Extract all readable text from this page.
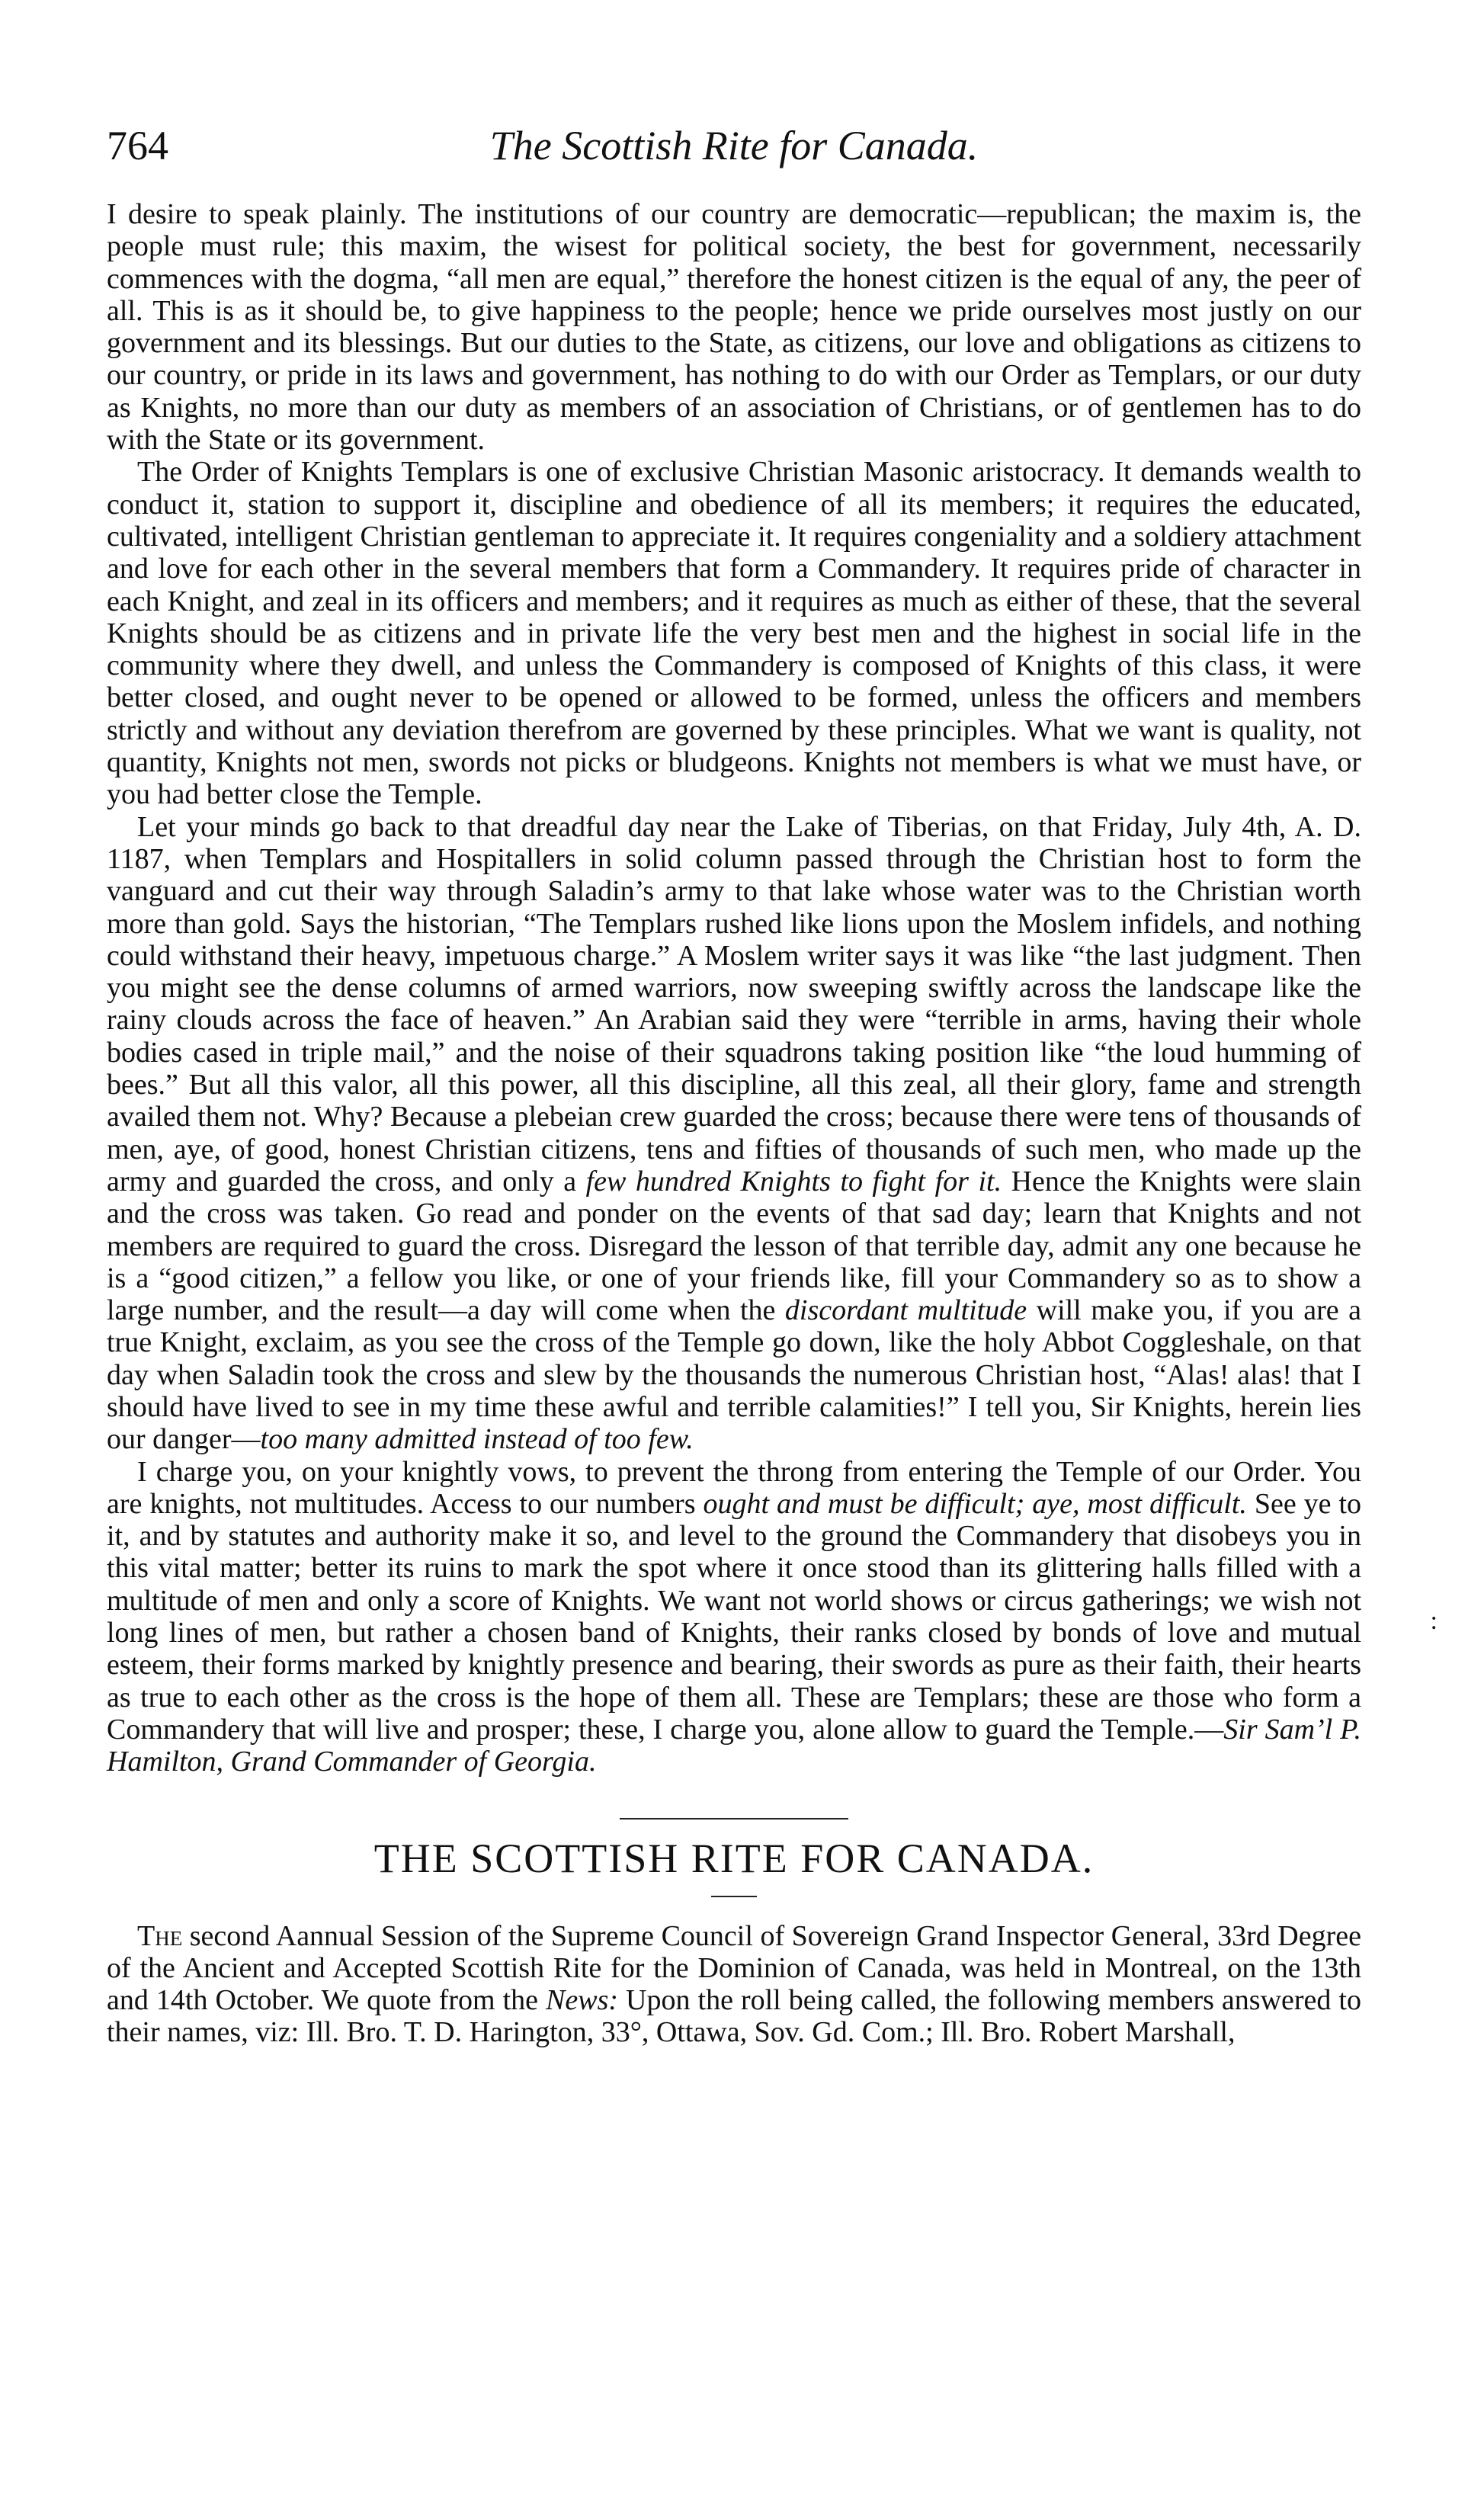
764	The Scottish Rite for Canada.

I desire to speak plainly. The institutions of our country are democratic—republican; the maxim is, the people must rule; this maxim, the wisest for political society, the best for government, necessarily commences with the dogma, “all men are equal,” therefore the honest citizen is the equal of any, the peer of all. This is as it should be, to give happiness to the people; hence we pride ourselves most justly on our government and its blessings. But our duties to the State, as citizens, our love and obligations as citizens to our country, or pride in its laws and government, has nothing to do with our Order as Templars, or our duty as Knights, no more than our duty as members of an association of Christians, or of gentlemen has to do with the State or its government.

The Order of Knights Templars is one of exclusive Christian Masonic aristocracy. It demands wealth to conduct it, station to support it, discipline and obedience of all its members; it requires the educated, cultivated, intelligent Christian gentleman to appreciate it. It requires congeniality and a soldiery attachment and love for each other in the several members that form a Commandery. It requires pride of character in each Knight, and zeal in its officers and members; and it requires as much as either of these, that the several Knights should be as citizens and in private life the very best men and the highest in social life in the community where they dwell, and unless the Commandery is composed of Knights of this class, it were better closed, and ought never to be opened or allowed to be formed, unless the officers and members strictly and without any deviation therefrom are governed by these principles. What we want is quality, not quantity, Knights not men, swords not picks or bludgeons. Knights not members is what we must have, or you had better close the Temple.

Let your minds go back to that dreadful day near the Lake of Tiberias, on that Friday, July 4th, A. D. 1187, when Templars and Hospitallers in solid column passed through the Christian host to form the vanguard and cut their way through Saladin’s army to that lake whose water was to the Christian worth more than gold. Says the historian, “The Templars rushed like lions upon the Moslem infidels, and nothing could withstand their heavy, impetuous charge.” A Moslem writer says it was like “the last judgment. Then you might see the dense columns of armed warriors, now sweeping swiftly across the landscape like the rainy clouds across the face of heaven.” An Arabian said they were “terrible in arms, having their whole bodies cased in triple mail,” and the noise of their squadrons taking position like “the loud humming of bees.” But all this valor, all this power, all this discipline, all this zeal, all their glory, fame and strength availed them not. Why? Because a plebeian crew guarded the cross; because there were tens of thousands of men, aye, of good, honest Christian citizens, tens and fifties of thousands of such men, who made up the army and guarded the cross, and only a few hundred Knights to fight for it. Hence the Knights were slain and the cross was taken. Go read and ponder on the events of that sad day; learn that Knights and not members are required to guard the cross. Disregard the lesson of that terrible day, admit any one because he is a “good citizen,” a fellow you like, or one of your friends like, fill your Commandery so as to show a large number, and the result—a day will come when the discordant multitude will make you, if you are a true Knight, exclaim, as you see the cross of the Temple go down, like the holy Abbot Coggleshale, on that day when Saladin took the cross and slew by the thousands the numerous Christian host, “Alas! alas! that I should have lived to see in my time these awful and terrible calamities!” I tell you, Sir Knights, herein lies our danger—too many admitted instead of too few.

I charge you, on your knightly vows, to prevent the throng from entering the Temple of our Order. You are knights, not multitudes. Access to our numbers ought and must be difficult; aye, most difficult. See ye to it, and by statutes and authority make it so, and level to the ground the Commandery that disobeys you in this vital matter; better its ruins to mark the spot where it once stood than its glittering halls filled with a multitude of men and only a score of Knights. We want not world shows or circus gatherings; we wish not long lines of men, but rather a chosen band of Knights, their ranks closed by bonds of love and mutual esteem, their forms marked by knightly presence and bearing, their swords as pure as their faith, their hearts as true to each other as the cross is the hope of them all. These are Templars; these are those who form a Commandery that will live and prosper; these, I charge you, alone allow to guard the Temple.—Sir Sam’l P. Hamilton, Grand Commander of Georgia.

THE SCOTTISH RITE FOR CANADA.

The second Aannual Session of the Supreme Council of Sovereign Grand Inspector General, 33rd Degree of the Ancient and Accepted Scottish Rite for the Dominion of Canada, was held in Montreal, on the 13th and 14th October. We quote from the News: Upon the roll being called, the following members answered to their names, viz: Ill. Bro. T. D. Harington, 33°, Ottawa, Sov. Gd. Com.; Ill. Bro. Robert Marshall,

:
